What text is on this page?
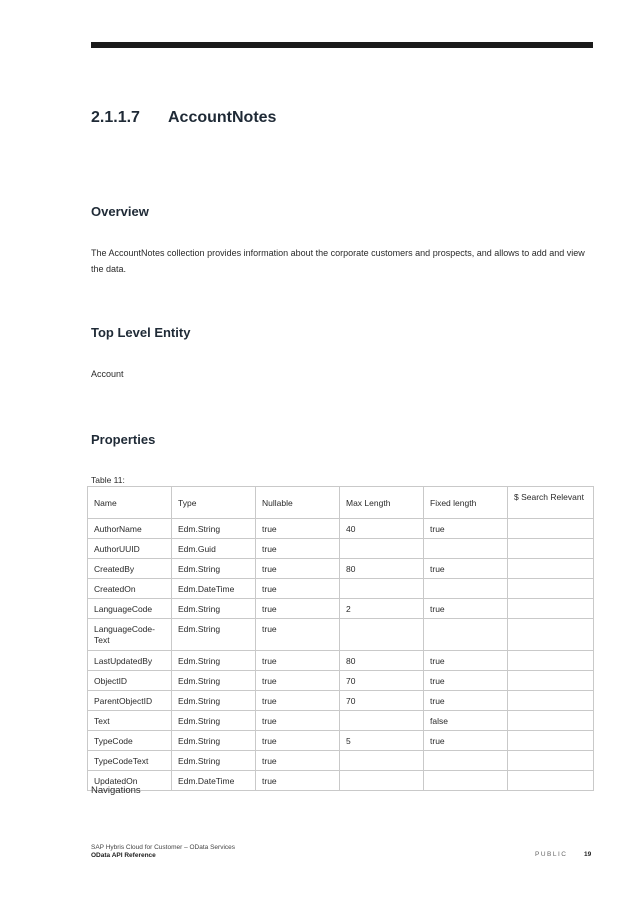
2.1.1.7 AccountNotes
Overview
The AccountNotes collection provides information about the corporate customers and prospects, and allows to add and view the data.
Top Level Entity
Account
Properties
Table 11:
Name	Type	Nullable	Max Length	Fixed length	$ Search Relevant
AuthorName	Edm.String	true	40	true	
AuthorUUID	Edm.Guid	true			
CreatedBy	Edm.String	true	80	true	
CreatedOn	Edm.DateTime	true			
LanguageCode	Edm.String	true	2	true	
LanguageCode-
Text	Edm.String	true			
LastUpdatedBy	Edm.String	true	80	true	
ObjectID	Edm.String	true	70	true	
ParentObjectID	Edm.String	true	70	true	
Text	Edm.String	true		false	
TypeCode	Edm.String	true	5	true	
TypeCodeText	Edm.String	true			
UpdatedOn	Edm.DateTime	true			
Navigations
SAP Hybris Cloud for Customer – OData Services
OData API Reference	PUBLIC	19
